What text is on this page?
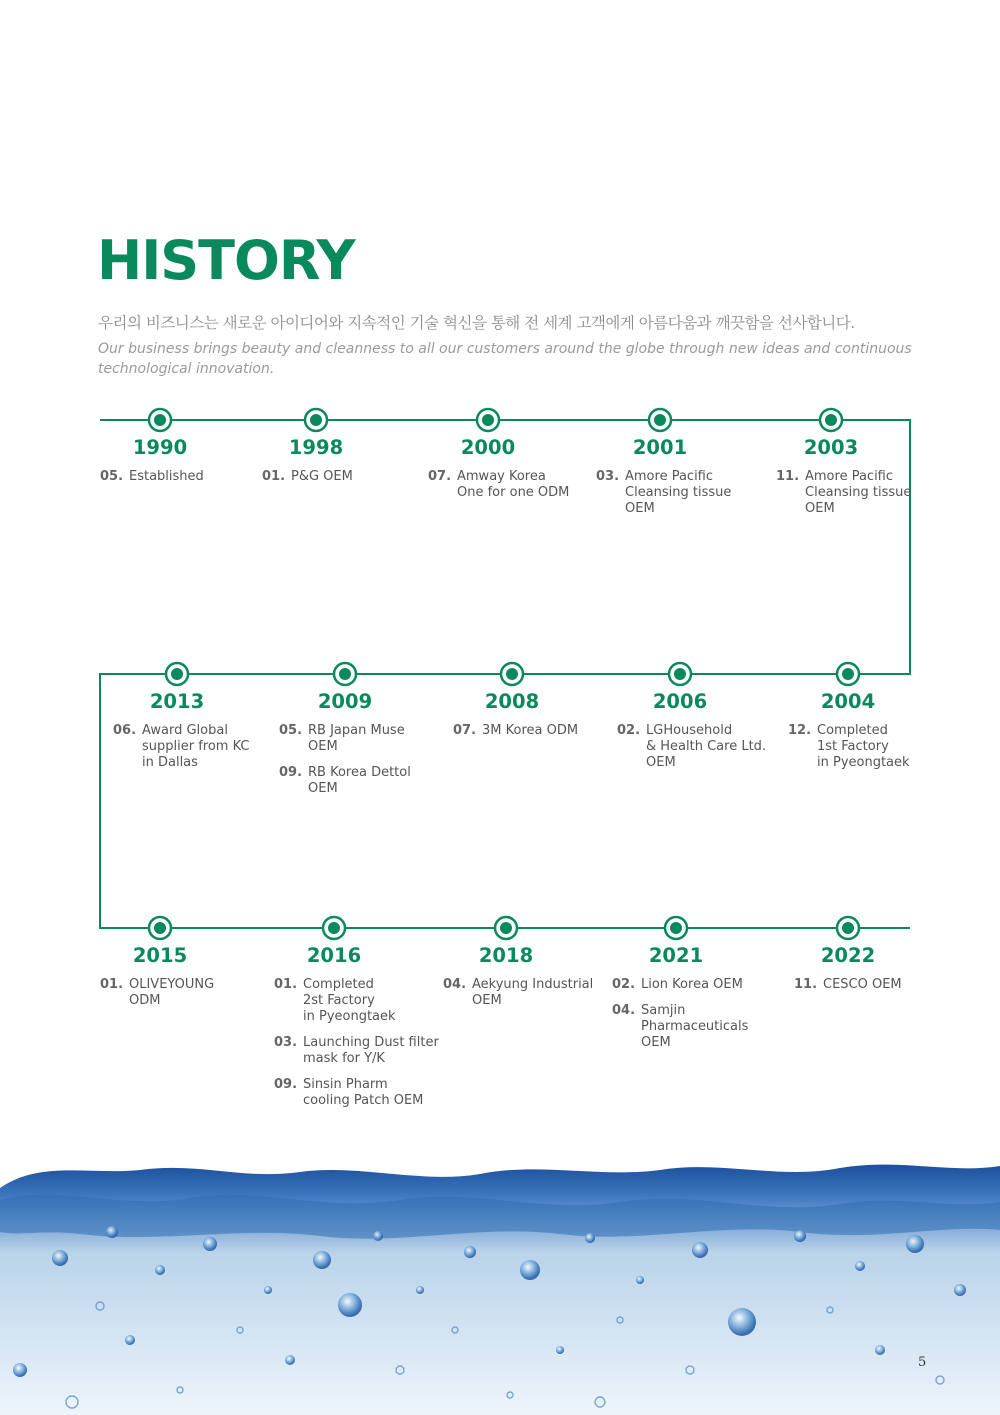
HISTORY

우리의 비즈니스는 새로운 아이디어와 지속적인 기술 혁신을 통해 전 세계 고객에게 아름다움과 깨끗함을 선사합니다.

Our business brings beauty and cleanness to all our customers around the globe through new ideas and continuous technological innovation.

1990
05. Established
1998
01. P&G OEM
2000
07. Amway Korea
One for one ODM
2001
03. Amore Pacific
Cleansing tissue
OEM
2003
11. Amore Pacific
Cleansing tissue
OEM
2013
06. Award Global
supplier from KC
in Dallas
2009
05. RB Japan Muse
OEM
09. RB Korea Dettol
OEM
2008
07. 3M Korea ODM
2006
02. LGHousehold
& Health Care Ltd.
OEM
2004
12. Completed
1st Factory
in Pyeongtaek
2015
01. OLIVEYOUNG
ODM
2016
01. Completed
2st Factory
in Pyeongtaek
03. Launching Dust filter
mask for Y/K
09. Sinsin Pharm
cooling Patch OEM
2018
04. Aekyung Industrial
OEM
2021
02. Lion Korea OEM
04. Samjin
Pharmaceuticals
OEM
2022
11. CESCO OEM
5
